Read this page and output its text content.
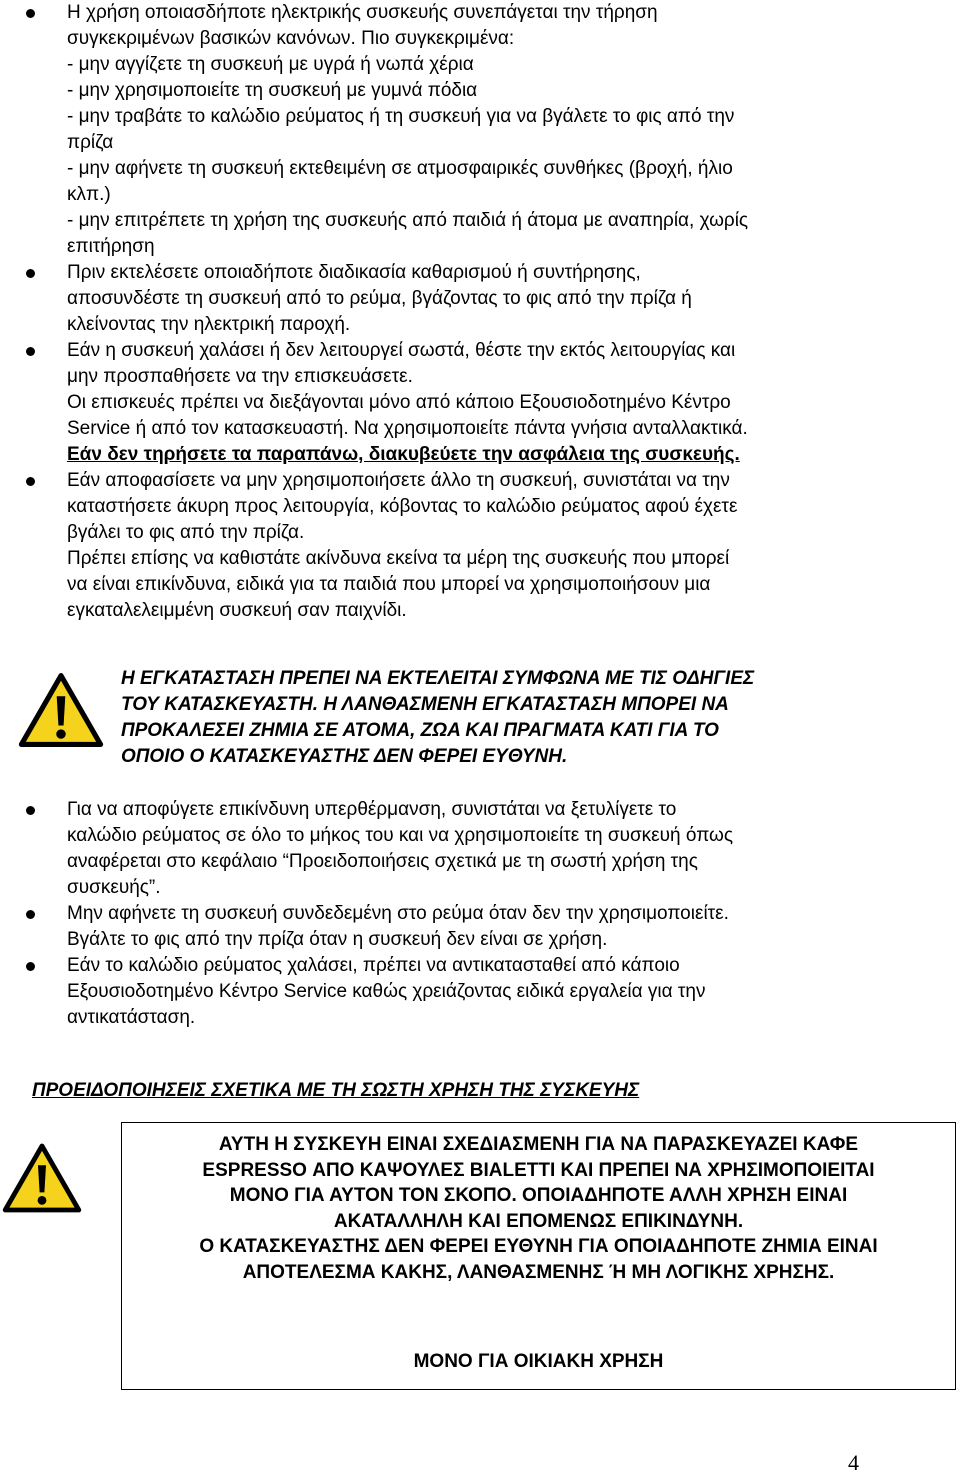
Η χρήση οποιασδήποτε ηλεκτρικής συσκευής συνεπάγεται την τήρηση

συγκεκριμένων βασικών κανόνων. Πιο συγκεκριμένα:

- μην αγγίζετε τη συσκευή με υγρά ή νωπά χέρια

- μην χρησιμοποιείτε τη συσκευή με γυμνά πόδια

- μην τραβάτε το καλώδιο ρεύματος ή τη συσκευή για να βγάλετε το φις από την

πρίζα

- μην αφήνετε τη συσκευή εκτεθειμένη σε ατμοσφαιρικές συνθήκες (βροχή, ήλιο

κλπ.)

- μην επιτρέπετε τη χρήση της συσκευής από παιδιά ή άτομα με αναπηρία, χωρίς

επιτήρηση

Πριν εκτελέσετε οποιαδήποτε διαδικασία καθαρισμού ή συντήρησης,

αποσυνδέστε τη συσκευή από το ρεύμα, βγάζοντας το φις από την πρίζα ή

κλείνοντας την ηλεκτρική παροχή.

Εάν η συσκευή χαλάσει ή δεν λειτουργεί σωστά, θέστε την εκτός λειτουργίας και

μην προσπαθήσετε να την επισκευάσετε.

Οι επισκευές πρέπει να διεξάγονται μόνο από κάποιο Εξουσιοδοτημένο Κέντρο

Service ή από τον κατασκευαστή. Να χρησιμοποιείτε πάντα γνήσια ανταλλακτικά.

Εάν δεν τηρήσετε τα παραπάνω, διακυβεύετε την ασφάλεια της συσκευής.

Εάν αποφασίσετε να μην χρησιμοποιήσετε άλλο τη συσκευή, συνιστάται να την

καταστήσετε άκυρη προς λειτουργία, κόβοντας το καλώδιο ρεύματος αφού έχετε

βγάλει το φις από την πρίζα.

Πρέπει επίσης να καθιστάτε ακίνδυνα εκείνα τα μέρη της συσκευής που μπορεί

να είναι επικίνδυνα, ειδικά για τα παιδιά που μπορεί να χρησιμοποιήσουν μια

εγκαταλελειμμένη συσκευή σαν παιχνίδι.

Η ΕΓΚΑΤΑΣΤΑΣΗ ΠΡΕΠΕΙ ΝΑ ΕΚΤΕΛΕΙΤΑΙ ΣΥΜΦΩΝΑ ΜΕ ΤΙΣ ΟΔΗΓΙΕΣ

ΤΟΥ ΚΑΤΑΣΚΕΥΑΣΤΗ. Η ΛΑΝΘΑΣΜΕΝΗ ΕΓΚΑΤΑΣΤΑΣΗ ΜΠΟΡΕΙ ΝΑ

ΠΡΟΚΑΛΕΣΕΙ ΖΗΜΙΑ ΣΕ ΑΤΟΜΑ, ΖΩΑ ΚΑΙ ΠΡΑΓΜΑΤΑ ΚΑΤΙ ΓΙΑ ΤΟ

ΟΠΟΙΟ Ο ΚΑΤΑΣΚΕΥΑΣΤΗΣ ΔΕΝ ΦΕΡΕΙ ΕΥΘΥΝΗ.

Για να αποφύγετε επικίνδυνη υπερθέρμανση, συνιστάται να ξετυλίγετε το

καλώδιο ρεύματος σε όλο το μήκος του και να χρησιμοποιείτε τη συσκευή όπως

αναφέρεται στο κεφάλαιο “Προειδοποιήσεις σχετικά με τη σωστή χρήση της

συσκευής”.

Μην αφήνετε τη συσκευή συνδεδεμένη στο ρεύμα όταν δεν την χρησιμοποιείτε.

Βγάλτε το φις από την πρίζα όταν η συσκευή δεν είναι σε χρήση.

Εάν το καλώδιο ρεύματος χαλάσει, πρέπει να αντικατασταθεί από κάποιο

Εξουσιοδοτημένο Κέντρο Service καθώς χρειάζοντας ειδικά εργαλεία για την

αντικατάσταση.

ΠΡΟΕΙΔΟΠΟΙΗΣΕΙΣ ΣΧΕΤΙΚΑ ΜΕ ΤΗ ΣΩΣΤΗ ΧΡΗΣΗ ΤΗΣ ΣΥΣΚΕΥΗΣ

ΑΥΤΗ Η ΣΥΣΚΕΥΗ ΕΙΝΑΙ ΣΧΕΔΙΑΣΜΕΝΗ ΓΙΑ ΝΑ ΠΑΡΑΣΚΕΥΑΖΕΙ ΚΑΦΕ

ESPRESSO ΑΠΟ ΚΑΨΟΥΛΕΣ BIALETTI ΚΑΙ ΠΡΕΠΕΙ ΝΑ ΧΡΗΣΙΜΟΠΟΙΕΙΤΑΙ

ΜΟΝΟ ΓΙΑ ΑΥΤΟΝ ΤΟΝ ΣΚΟΠΟ. ΟΠΟΙΑΔΗΠΟΤΕ ΑΛΛΗ ΧΡΗΣΗ ΕΙΝΑΙ

ΑΚΑΤΑΛΛΗΛΗ ΚΑΙ ΕΠΟΜΕΝΩΣ ΕΠΙΚΙΝΔΥΝΗ.

Ο ΚΑΤΑΣΚΕΥΑΣΤΗΣ ΔΕΝ ΦΕΡΕΙ ΕΥΘΥΝΗ ΓΙΑ ΟΠΟΙΑΔΗΠΟΤΕ ΖΗΜΙΑ ΕΙΝΑΙ

ΑΠΟΤΕΛΕΣΜΑ ΚΑΚΗΣ, ΛΑΝΘΑΣΜΕΝΗΣ Ή ΜΗ ΛΟΓΙΚΗΣ ΧΡΗΣΗΣ.

ΜΟΝΟ ΓΙΑ ΟΙΚΙΑΚΗ ΧΡΗΣΗ
4
